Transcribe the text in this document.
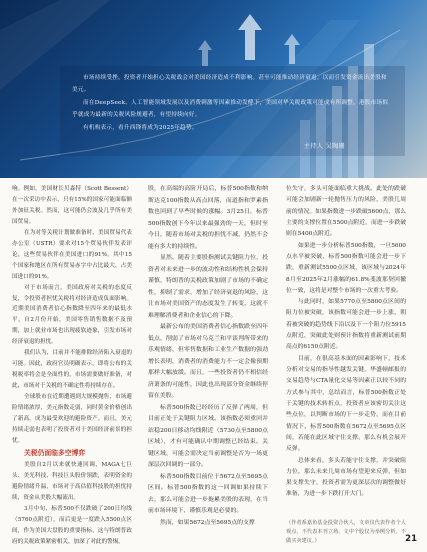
市场持续受挫，投资者开始担心关税战会对美国经济造成不利影响。甚至可能推动经济衰退。以而引发资金流出美股和美元。

而在DeepSeek、人工智能领域发展以及消费刺激等因素推动发酵下，美国对华关税政策可能或有所调整，港股市场似乎就成为最新的关税风险规避者，有望持续向好。

有机构表示，看升西锋将成为2025年趋势。

主持人 吴陶珊

响。例如，美国财长贝森特（Scott Bessent）在一次采访中表示，只有15%的国家可能面临额外加征关税。然而，这可能仍会波及几乎所有美国贸易。

在为对等关税计划做准备时，美国贸易代表办公室（USTR）要求对15个贸易伙伴发表评论，这些贸易伙伴在美国进口的91%。其中15个国家和地区在所有贸易赤字中占比最大，占美国进口的91%。

对于市场而言，美国政府对关税的态度反复，令投资者担忧关税将对经济造成负面影响。近期美国消费者信心指数降至四年来的最低水平，自2月份开始，美国零售销售数据不及预期，加上就业市场也出现疲软迹象，引发市场对经济衰退的担忧。

我们认为，目前并不能排除经济陷入衰退的可能。因此，政府官员明确表示，即将公布的关税税率将会是全面性的，市场需要做好准备，对此，市场对于关税的不确定性将持续存在。

全球股市在近期遭遇到大规模抛售，市场避险情绪浓厚，美元指数走弱，同时黄金价格创出了新高，成为最受欢迎的避险资产。而且，美元持续走弱也表明了投资者对于美国经济前景的担忧。

关税仍面临多空博弈

美股自2月以来就快速回调，MAGA七巨头、美光科技、科技巨头股价领跌，表明资金的避险情绪升温，市场对于高估值科技股的担忧持续，资金从美股大幅流出。

3月中旬，标普500不仅跌破了200日均线（5760点附近），而后更是一度跌入5500点区间，作为美国大盘股的重要指标，这与特朗普政府的关税政策紧密相关，加深了对此的警惕。

股，在高端的高阶开局后，标普500指数和纳斯达克100指数从高点回落，而道指和罗素指数也回到了早些时候的涨幅。3月25日，标普500指数创下今年以来最强劲的一天，但时至今日，随着市场对关税的担忧不减，仍然不会能有多大的持续性。

显然，随着主要股指测试关键阻力位，投资者对未来进一步的波动性和结构性机会保持谨慎，特朗普的关税政策加剧了市场的不确定性，抑制了需求，增加了经济衰退的风险，这让市场对美国资产的态度发生了转变，这就不难理解消费者和企业信心的下降。

最新公布的美国消费者信心指数跌至四年低点，削弱了市场对乌克兰和平谈判所带来的乐观情绪，但零售数据和工业生产数据的强劲增长表明，消费者的消费能力不一定会像预期那样大幅放缓。而且，一些投资者仍不相信经济萧条的可能性，因此也出现部分资金继续停留在美股。

标普500指数已经经历了反弹了两周，但目前正处于关键阻力区域。该指数必须重回并站稳200日移动均线附近（5730点至5800点区域），才有可能确认中期调整已经结束。关键区域，可能会需决定当前调整是否为一场更深层次回调的一部分。

标普500指数目前位于5672点至5695点区间。标普500指数的这一回调如果持续下去，那么可能会进一步拖累美股的表现，在当前市场环境下，谨慎乐观是必要的。

然而，如果5672点至5695点的支撑

位失守，多头可能面临重大挑战。此处的跌破可能会加剧新一轮抛售压力的风险，美股几周前的情况。如果指数进一步跌破5600点，那么主要的支撑位置在5500点附近，而进一步跌破则在5400点附近。

如果进一步分析标普500指数，一旦5600点水平被突破，标普500指数可能会进一步下跌，重新测试5500点区域，该区域与2024年8月至2025年2月涨幅的61.8%斐波那契回撤位一致，这将是对整个市场的一次重大考验。

与此同时，如果5770点至5800点区间的阻力位被突破，该指数可能会进一步上涨，朝着被突破的趋势线下沿以及下一个阻力位5915点附近，突破此处则预计指数将重新测试前期高点的6150点附近。

目前，在很高基本面的因素影响下，技术分析对交易的指导性越发关键，华盛顿邮报的交易趋势与CTA量化交易等因素正以较不同的方式参与其中，总结而言，标普500指数正处于关键的技术转折点，投资者应该密切关注这些点位，以判断市场的下一步走势，而在目前情况下，标普500指数在5672点至5695点区间，若能在此区域守住支撑，那么有机会展开反弹。

总体来看，多头若能守住支撑，并突破阻力位，那么未来几周市场有望迎来反弹，但如果支撑失守，投资者需为更深层次的调整做好准备，为进一步下跌打开大门。

（作者系嘉鱼基金投资合伙人，文章仅代表作者个人观点，不代表本刊立场，文中个股仅为举例分析，不做买卖建议。）	21
